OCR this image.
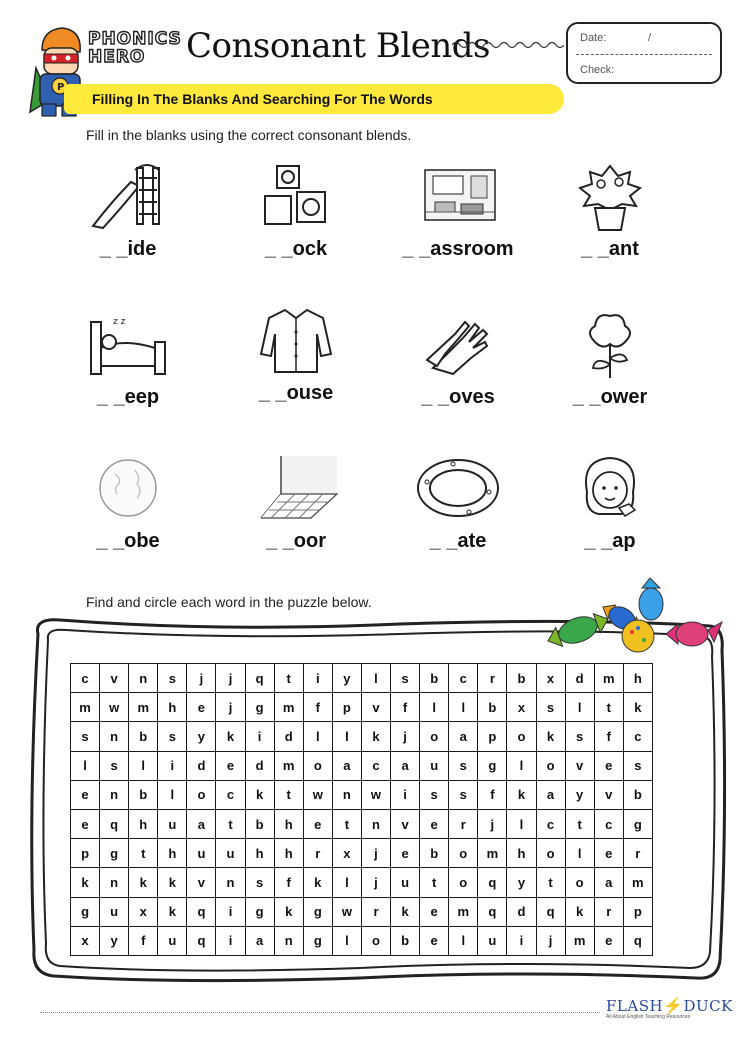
P
PHONICS
HERO	Consonant Blends	Date:	/
Check:
Filling In The Blanks And Searching For The Words
Fill in the blanks using the correct consonant blends.
_ _ide	_ _ock	_ _assroom	_ _ant
z z
_ _eep	_ _ouse	_ _oves	_ _ower
_ _obe	_ _oor	_ _ate	_ _ap
Find and circle each word in the puzzle below.
c	v	n	s	j	j	q	t	i	y	l	s	b	c	r	b	x	d	m	h
m	w	m	h	e	j	g	m	f	p	v	f	l	l	b	x	s	l	t	k
s	n	b	s	y	k	i	d	l	l	k	j	o	a	p	o	k	s	f	c
l	s	l	i	d	e	d	m	o	a	c	a	u	s	g	l	o	v	e	s
e	n	b	l	o	c	k	t	w	n	w	i	s	s	f	k	a	y	v	b
e	q	h	u	a	t	b	h	e	t	n	v	e	r	j	l	c	t	c	g
p	g	t	h	u	u	h	h	r	x	j	e	b	o	m	h	o	l	e	r
k	n	k	k	v	n	s	f	k	l	j	u	t	o	q	y	t	o	a	m
g	u	x	k	q	i	g	k	g	w	r	k	e	m	q	d	q	k	r	p
x	y	f	u	q	i	a	n	g	l	o	b	e	l	u	i	j	m	e	q
FLASH⚡DUCK
All About English Teaching Resources
